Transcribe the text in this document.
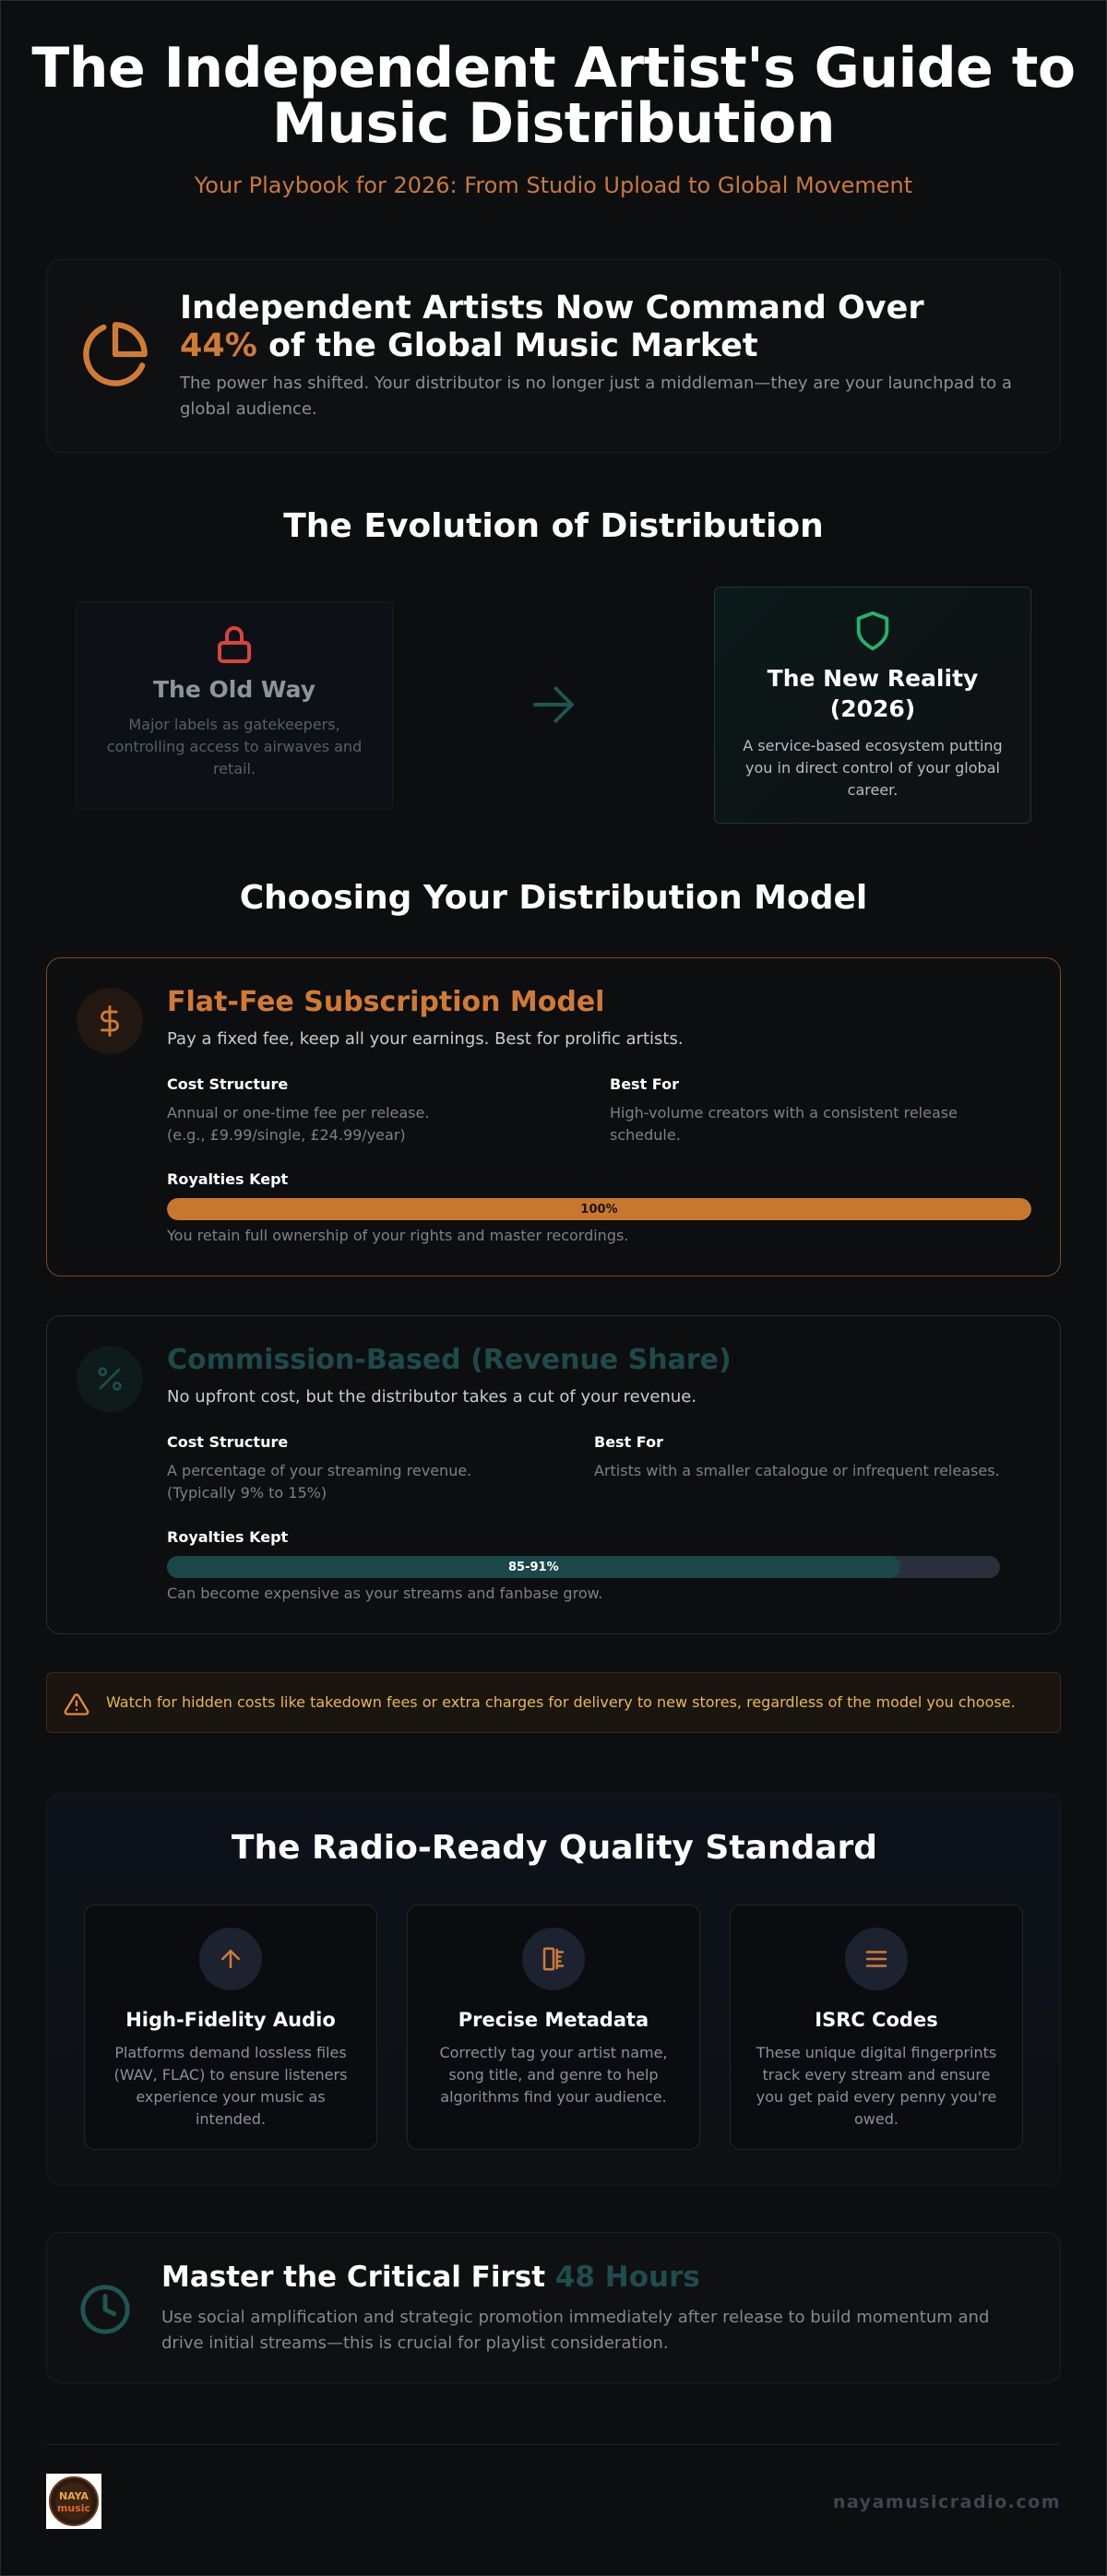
The Independent Artist's Guide to
Music Distribution
Your Playbook for 2026: From Studio Upload to Global Movement
Independent Artists Now Command Over
44% of the Global Music Market
The power has shifted. Your distributor is no longer just a middleman—they are your launchpad to a global audience.
The Evolution of Distribution
The Old Way
Major labels as gatekeepers, controlling access to airwaves and retail.
The New Reality (2026)
A service-based ecosystem putting you in direct control of your global career.
Choosing Your Distribution Model
Flat-Fee Subscription Model
Pay a fixed fee, keep all your earnings. Best for prolific artists.
Cost Structure
Annual or one-time fee per release.
(e.g., £9.99/single, £24.99/year)
Best For
High-volume creators with a consistent release schedule.
Royalties Kept
100%
You retain full ownership of your rights and master recordings.
Commission-Based (Revenue Share)
No upfront cost, but the distributor takes a cut of your revenue.
Cost Structure
A percentage of your streaming revenue.
(Typically 9% to 15%)
Best For
Artists with a smaller catalogue or infrequent releases.
Royalties Kept
85-91%
Can become expensive as your streams and fanbase grow.
Watch for hidden costs like takedown fees or extra charges for delivery to new stores, regardless of the model you choose.
The Radio-Ready Quality Standard
High-Fidelity Audio
Platforms demand lossless files (WAV, FLAC) to ensure listeners experience your music as intended.
Precise Metadata
Correctly tag your artist name, song title, and genre to help algorithms find your audience.
ISRC Codes
These unique digital fingerprints track every stream and ensure you get paid every penny you're owed.
Master the Critical First 48 Hours
Use social amplification and strategic promotion immediately after release to build momentum and drive initial streams—this is crucial for playlist consideration.
NAYA
music	nayamusicradio.com
